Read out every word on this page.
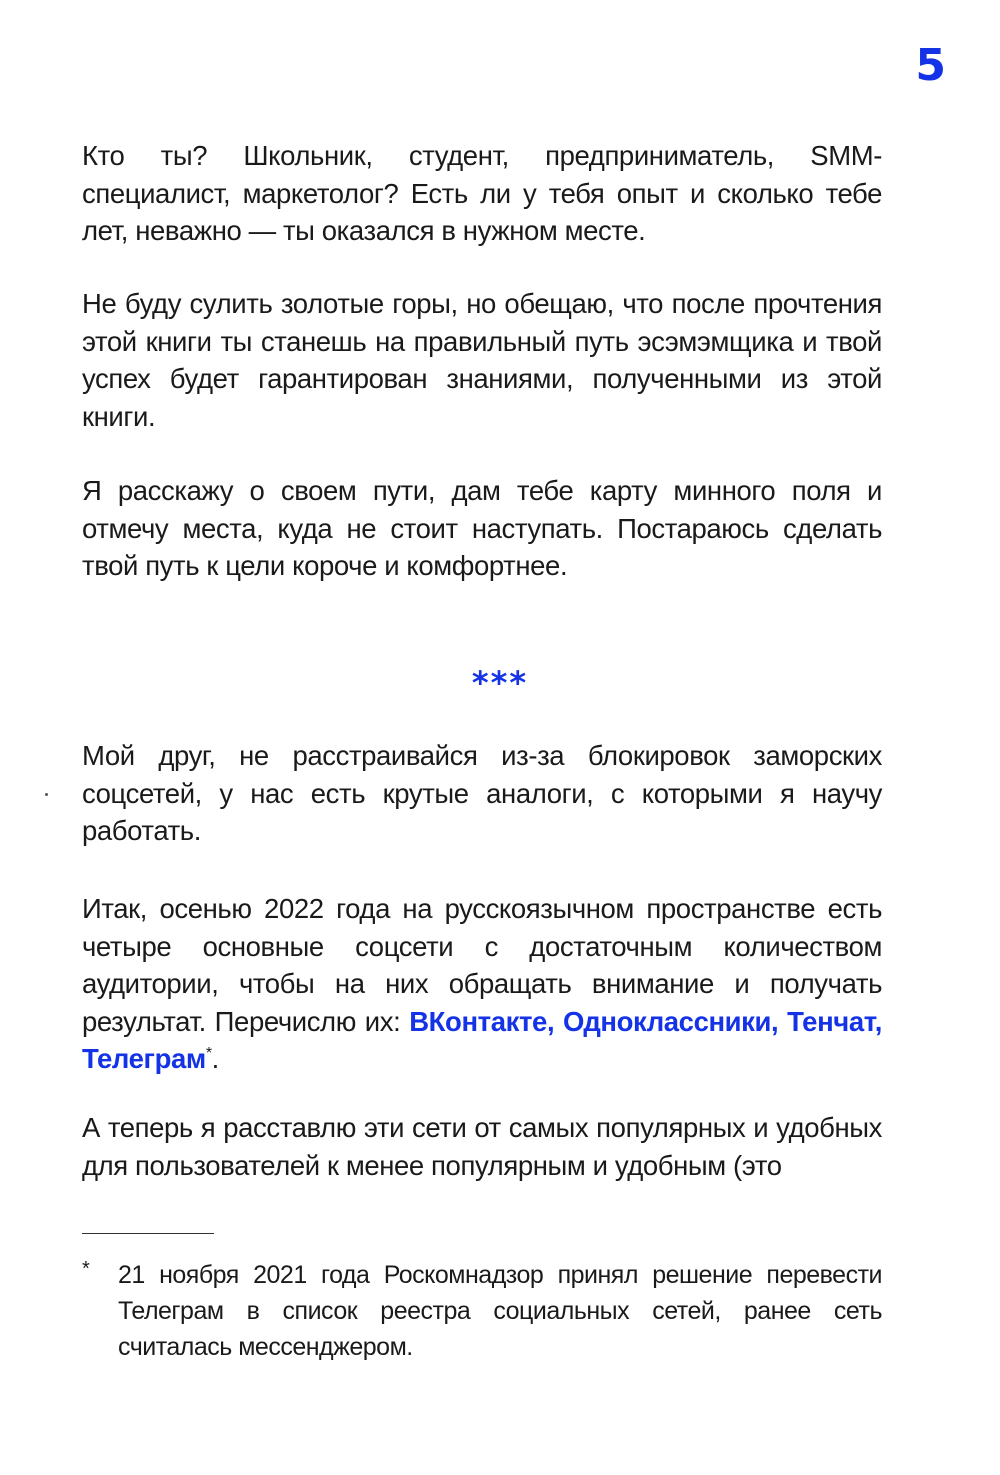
5

Кто ты? Школьник, студент, предприниматель, SMM-специалист, маркетолог? Есть ли у тебя опыт и сколько тебе лет, неважно — ты оказался в нужном месте.

Не буду сулить золотые горы, но обещаю, что после прочтения этой книги ты станешь на правильный путь эсэмэмщика и твой успех будет гарантирован знаниями, полученными из этой книги.

Я расскажу о своем пути, дам тебе карту минного поля и отмечу места, куда не стоит наступать. Постараюсь сделать твой путь к цели короче и комфортнее.

***

Мой друг, не расстраивайся из-за блокировок заморских соцсетей, у нас есть крутые аналоги, с которыми я научу работать.

Итак, осенью 2022 года на русскоязычном пространстве есть четыре основные соцсети с достаточным количеством аудитории, чтобы на них обращать внимание и получать результат. Перечислю их: ВКонтакте, Одноклассники, Тенчат, Телеграм*.

А теперь я расставлю эти сети от самых популярных и удобных для пользователей к менее популярным и удобным (это

* 21 ноября 2021 года Роскомнадзор принял решение перевести Телеграм в список реестра социальных сетей, ранее сеть считалась мессенджером.
